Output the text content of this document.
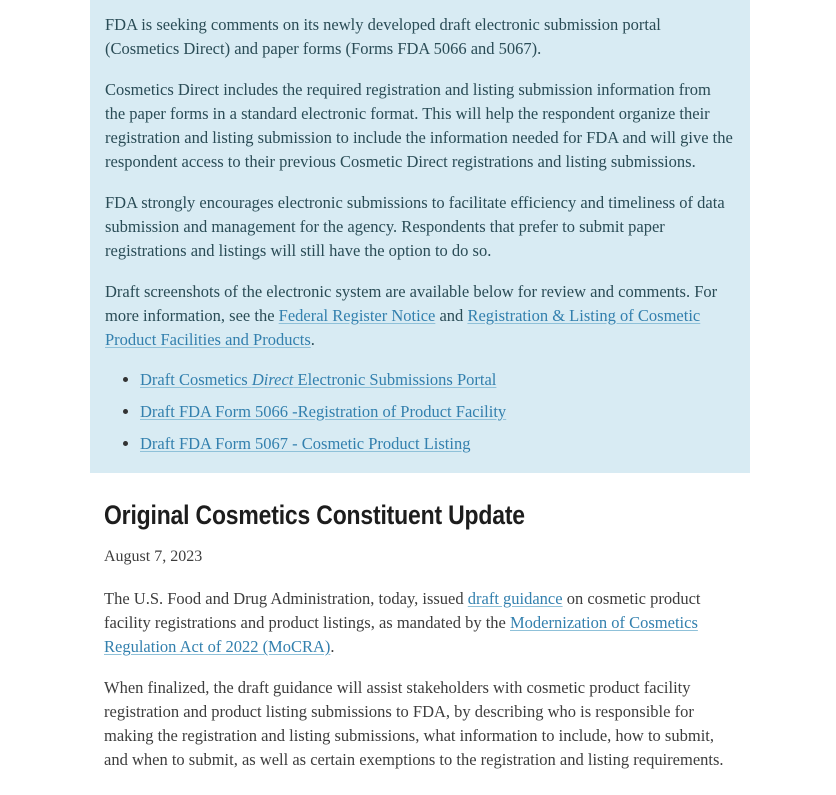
FDA is seeking comments on its newly developed draft electronic submission portal (Cosmetics Direct) and paper forms (Forms FDA 5066 and 5067).

Cosmetics Direct includes the required registration and listing submission information from the paper forms in a standard electronic format. This will help the respondent organize their registration and listing submission to include the information needed for FDA and will give the respondent access to their previous Cosmetic Direct registrations and listing submissions.

FDA strongly encourages electronic submissions to facilitate efficiency and timeliness of data submission and management for the agency. Respondents that prefer to submit paper registrations and listings will still have the option to do so.

Draft screenshots of the electronic system are available below for review and comments. For more information, see the Federal Register Notice and Registration & Listing of Cosmetic Product Facilities and Products.

• Draft Cosmetics Direct Electronic Submissions Portal
• Draft FDA Form 5066 -Registration of Product Facility
• Draft FDA Form 5067 - Cosmetic Product Listing
Original Cosmetics Constituent Update

August 7, 2023

The U.S. Food and Drug Administration, today, issued draft guidance on cosmetic product facility registrations and product listings, as mandated by the Modernization of Cosmetics Regulation Act of 2022 (MoCRA).

When finalized, the draft guidance will assist stakeholders with cosmetic product facility registration and product listing submissions to FDA, by describing who is responsible for making the registration and listing submissions, what information to include, how to submit, and when to submit, as well as certain exemptions to the registration and listing requirements.
